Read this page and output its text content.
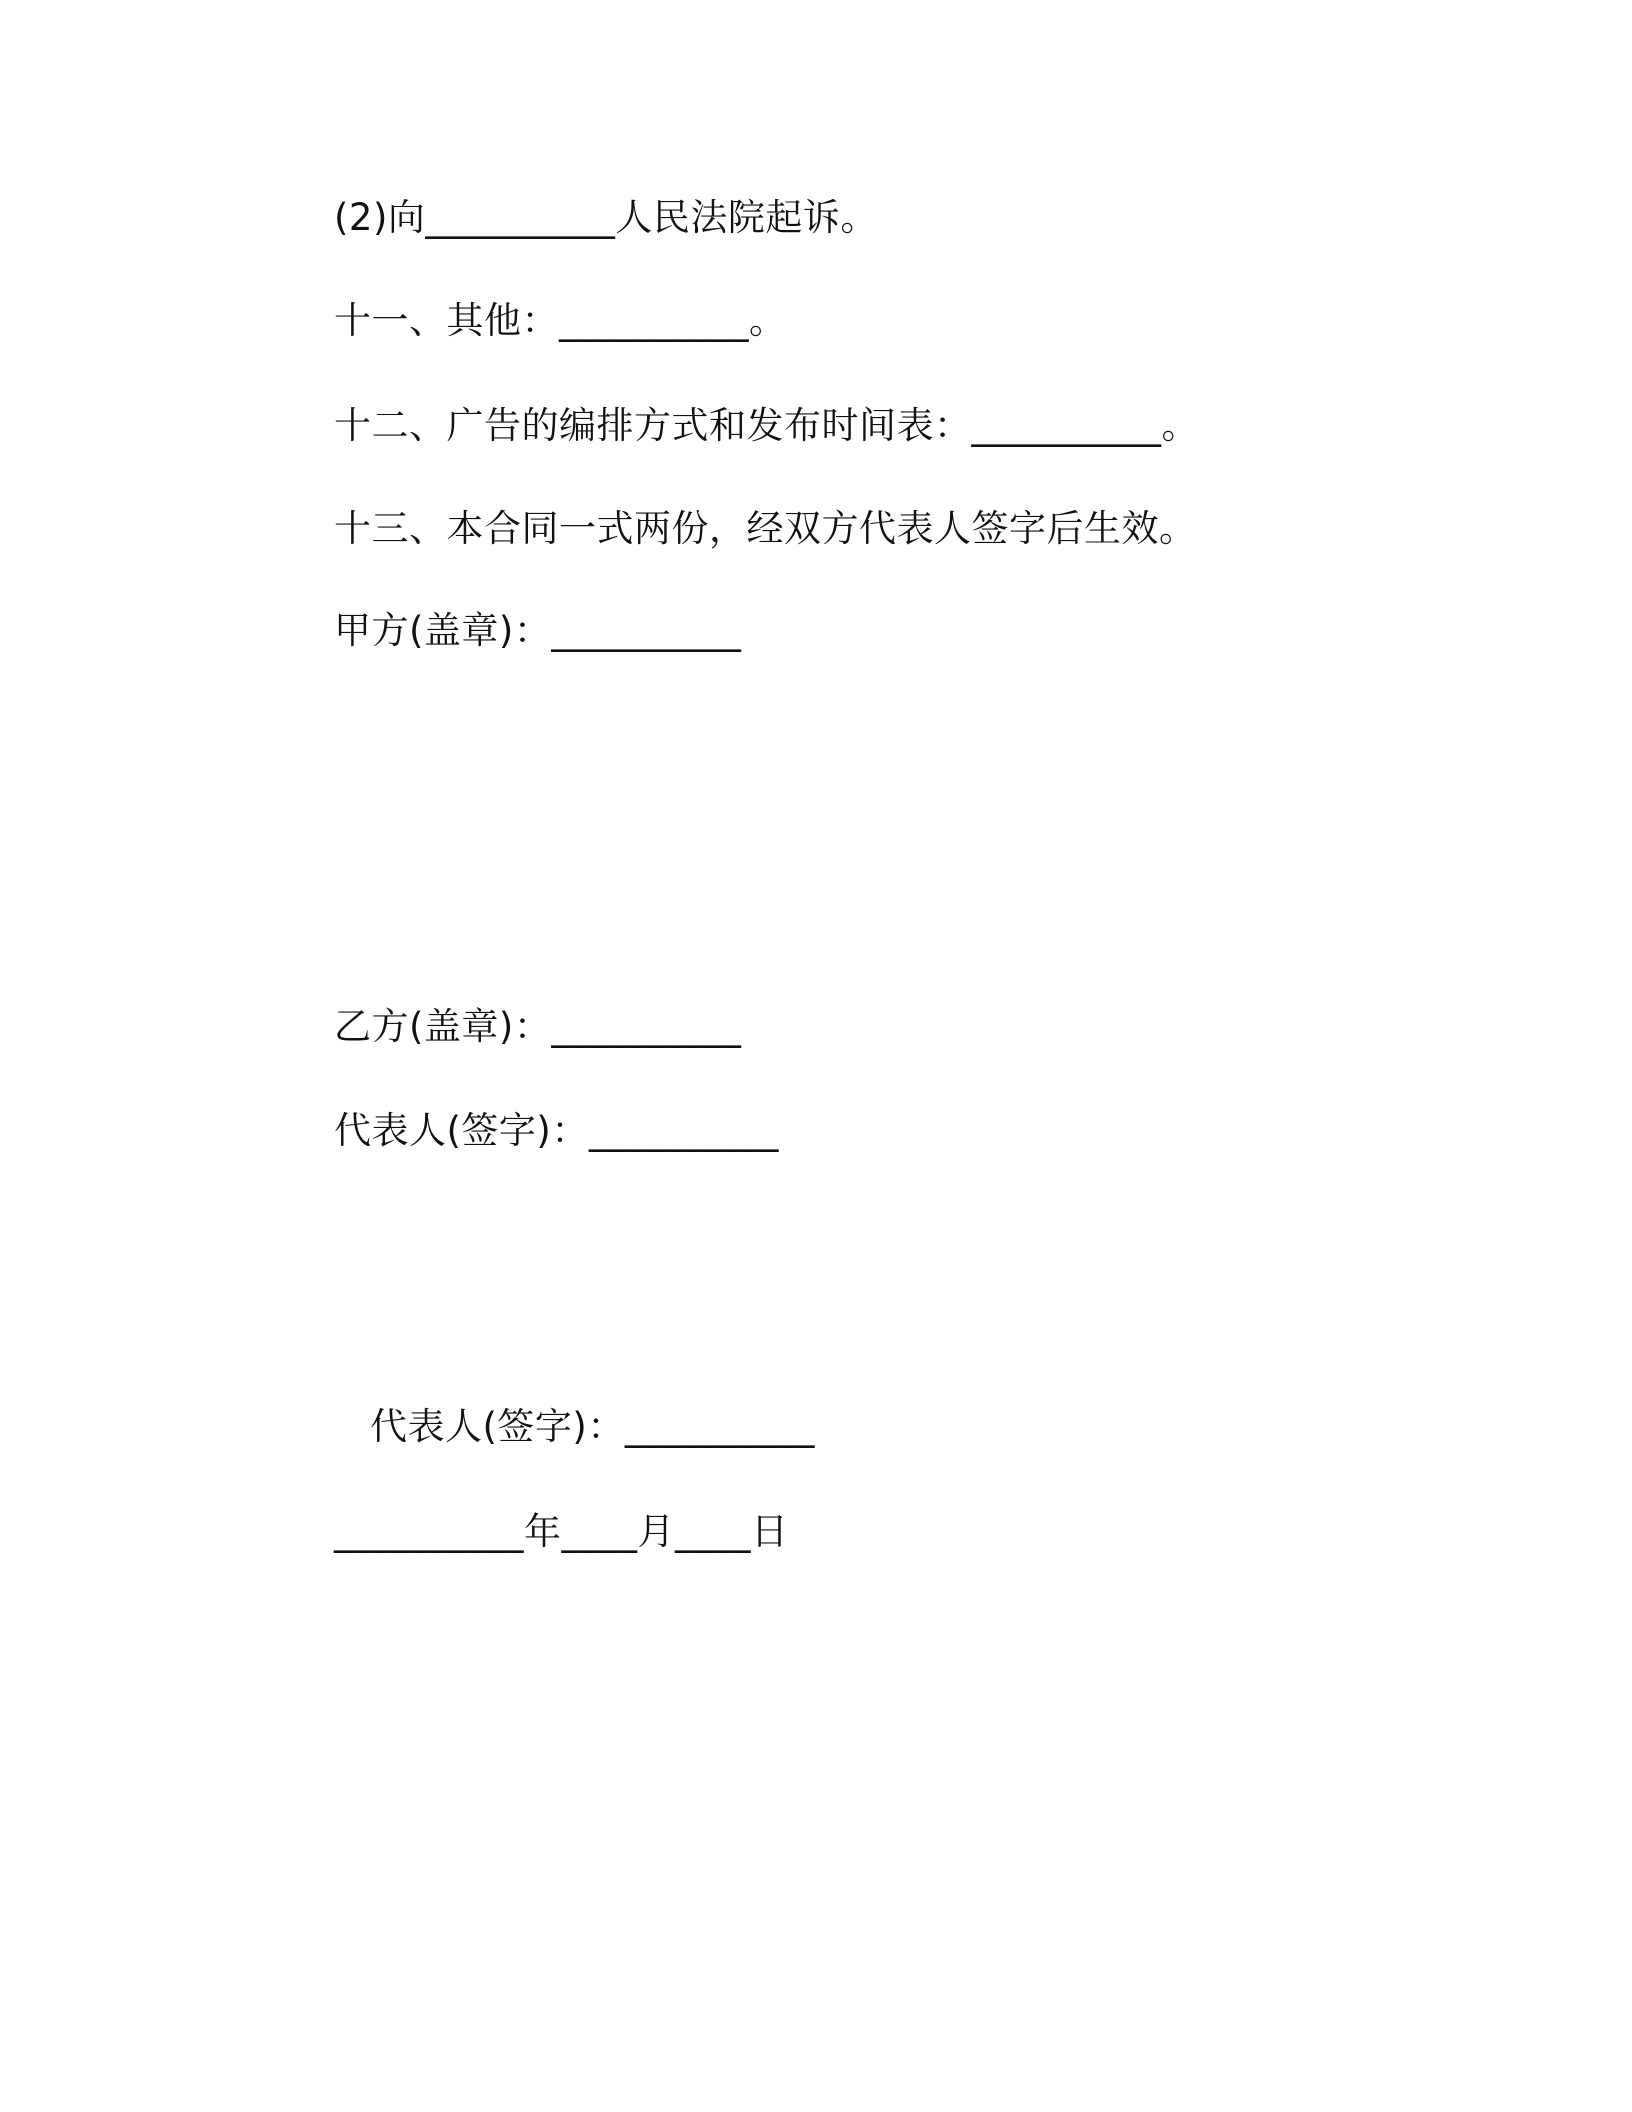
(2)向__________人民法院起诉。
十一、其他：__________。
十二、广告的编排方式和发布时间表：__________。
十三、本合同一式两份，经双方代表人签字后生效。
甲方(盖章)：__________
乙方(盖章)：__________
代表人(签字)：__________
代表人(签字)：__________
__________年____月____日
